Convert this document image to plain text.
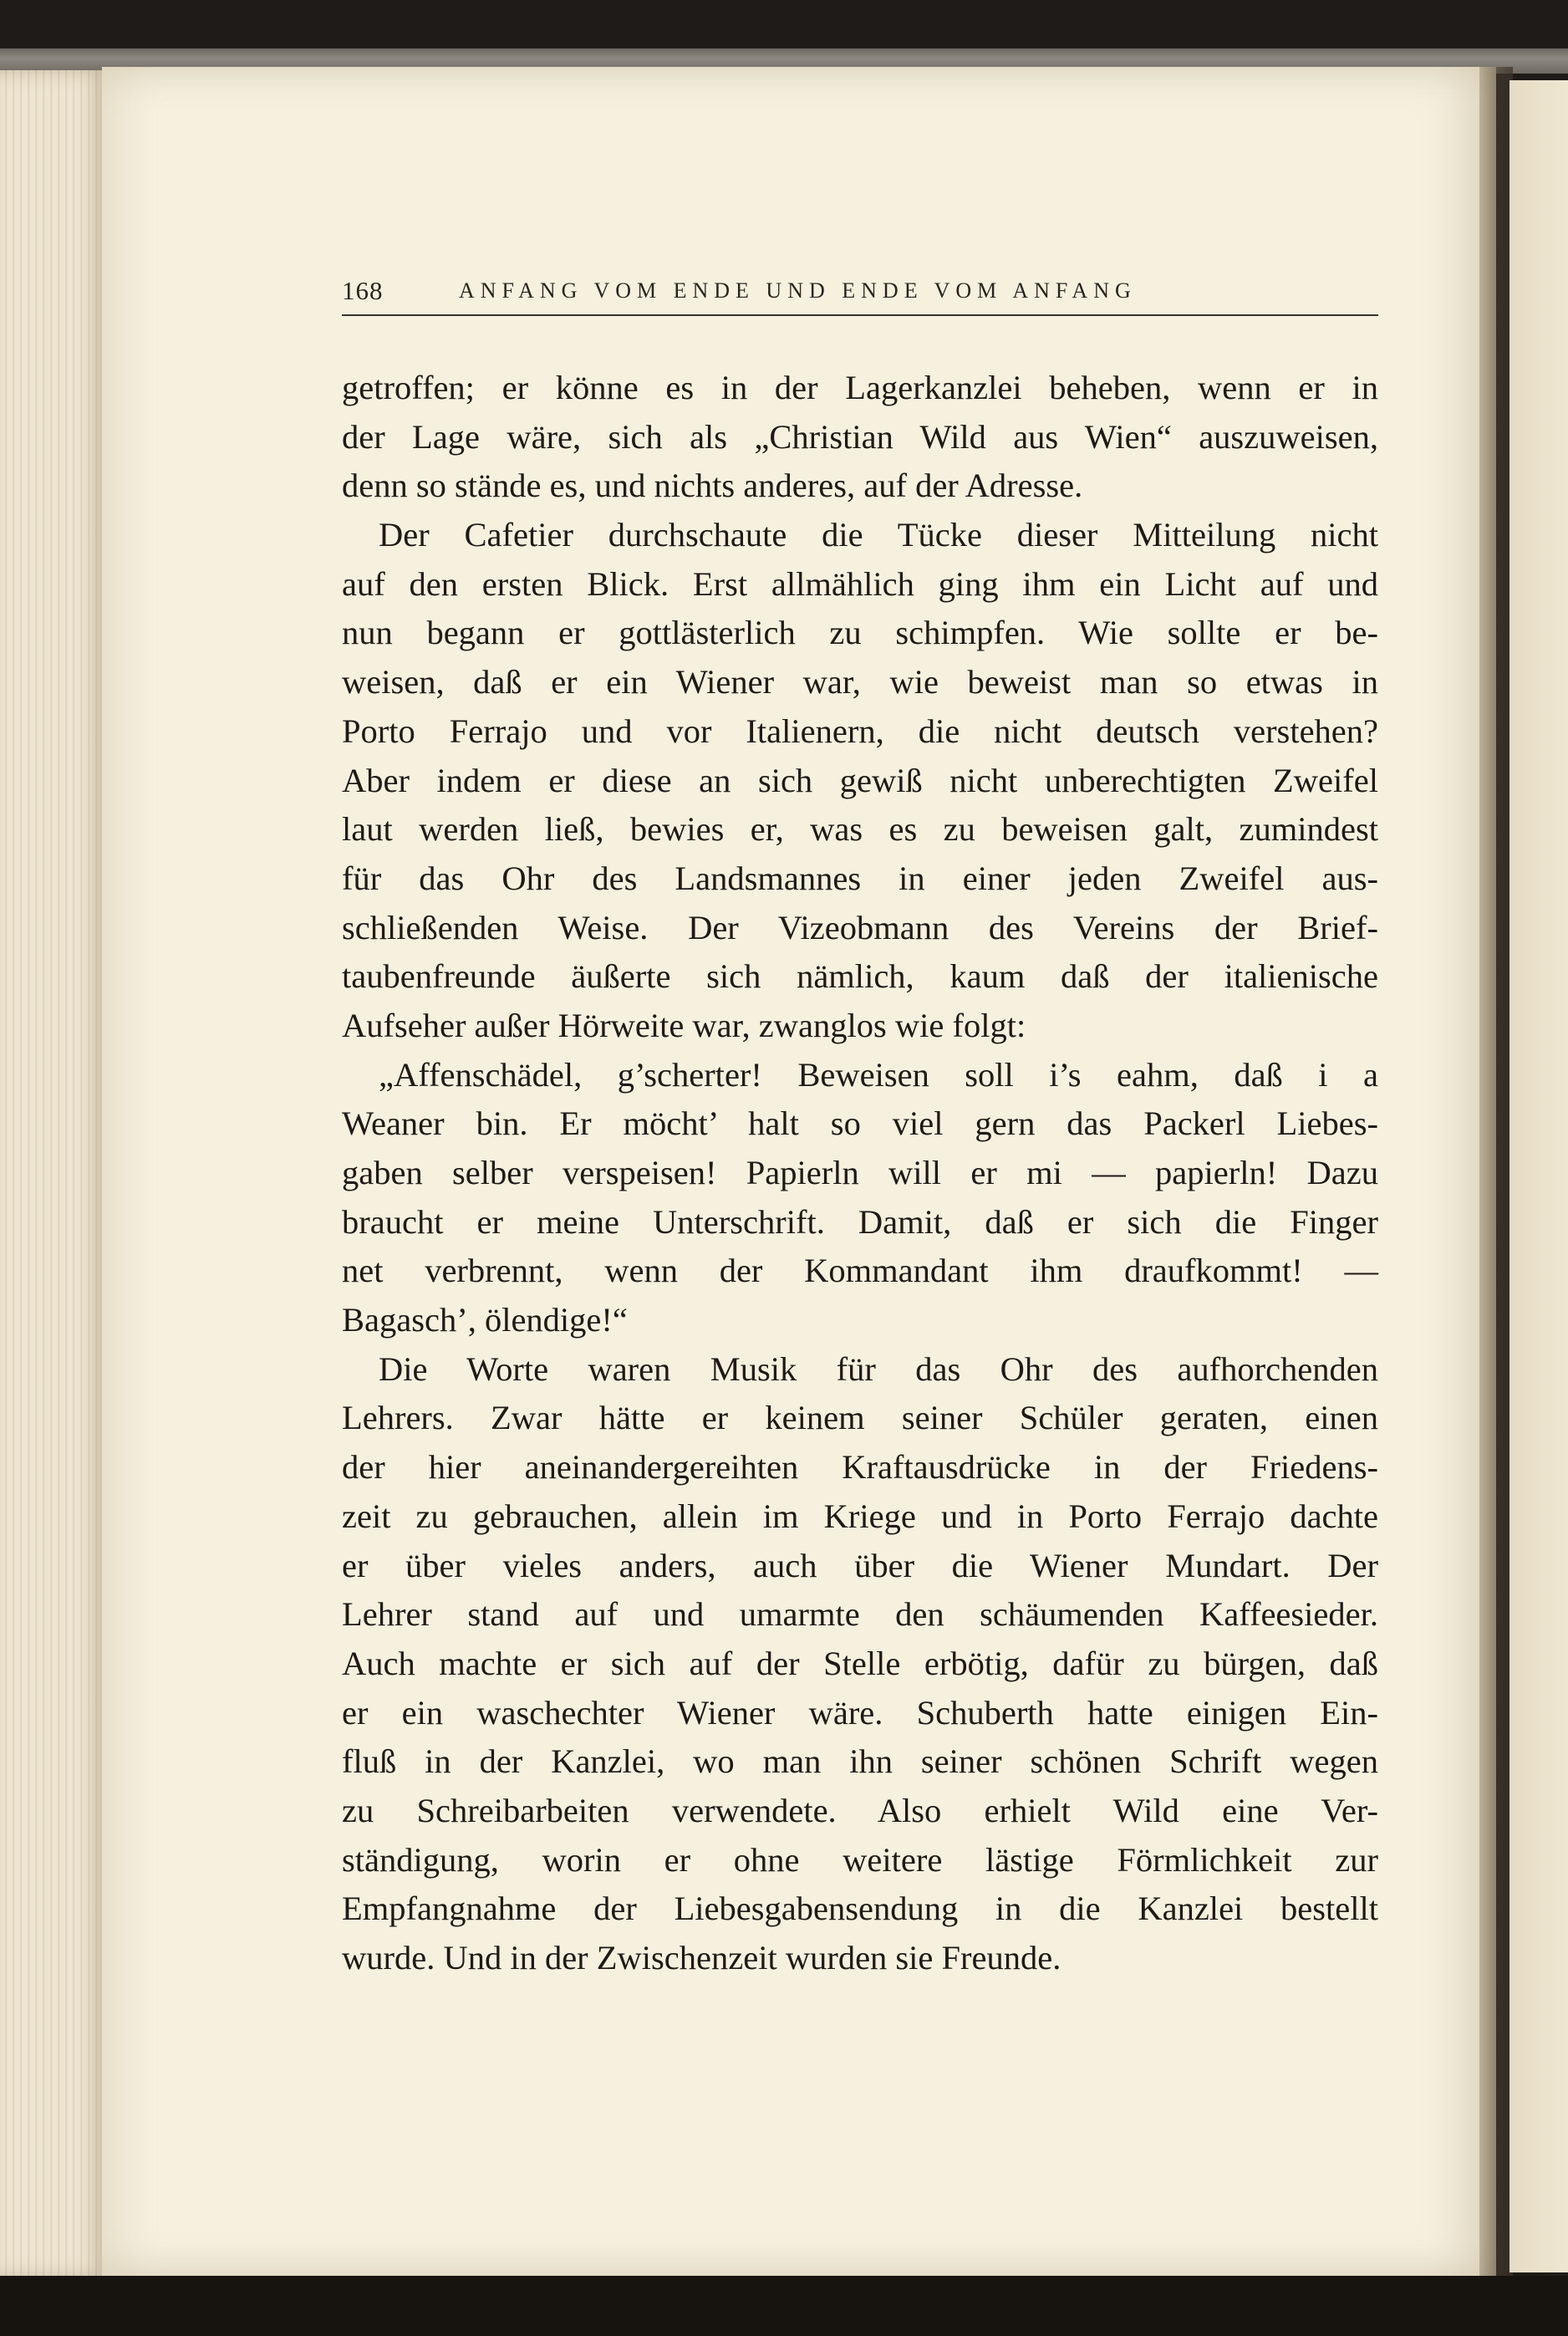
168	ANFANG VOM ENDE UND ENDE VOM ANFANG
getroffen; er könne es in der Lagerkanzlei beheben, wenn er in
der Lage wäre, sich als „Christian Wild aus Wien“ auszuweisen,
denn so stände es, und nichts anderes, auf der Adresse.
Der Cafetier durchschaute die Tücke dieser Mitteilung nicht
auf den ersten Blick. Erst allmählich ging ihm ein Licht auf und
nun begann er gottlästerlich zu schimpfen. Wie sollte er be-
weisen, daß er ein Wiener war, wie beweist man so etwas in
Porto Ferrajo und vor Italienern, die nicht deutsch verstehen?
Aber indem er diese an sich gewiß nicht unberechtigten Zweifel
laut werden ließ, bewies er, was es zu beweisen galt, zumindest
für das Ohr des Landsmannes in einer jeden Zweifel aus-
schließenden Weise. Der Vizeobmann des Vereins der Brief-
taubenfreunde äußerte sich nämlich, kaum daß der italienische
Aufseher außer Hörweite war, zwanglos wie folgt:
„Affenschädel, g’scherter! Beweisen soll i’s eahm, daß i a
Weaner bin. Er möcht’ halt so viel gern das Packerl Liebes-
gaben selber verspeisen! Papierln will er mi — papierln! Dazu
braucht er meine Unterschrift. Damit, daß er sich die Finger
net verbrennt, wenn der Kommandant ihm draufkommt! —
Bagasch’, ölendige!“
Die Worte waren Musik für das Ohr des aufhorchenden
Lehrers. Zwar hätte er keinem seiner Schüler geraten, einen
der hier aneinandergereihten Kraftausdrücke in der Friedens-
zeit zu gebrauchen, allein im Kriege und in Porto Ferrajo dachte
er über vieles anders, auch über die Wiener Mundart. Der
Lehrer stand auf und umarmte den schäumenden Kaffeesieder.
Auch machte er sich auf der Stelle erbötig, dafür zu bürgen, daß
er ein waschechter Wiener wäre. Schuberth hatte einigen Ein-
fluß in der Kanzlei, wo man ihn seiner schönen Schrift wegen
zu Schreibarbeiten verwendete. Also erhielt Wild eine Ver-
ständigung, worin er ohne weitere lästige Förmlichkeit zur
Empfangnahme der Liebesgabensendung in die Kanzlei bestellt
wurde. Und in der Zwischenzeit wurden sie Freunde.
